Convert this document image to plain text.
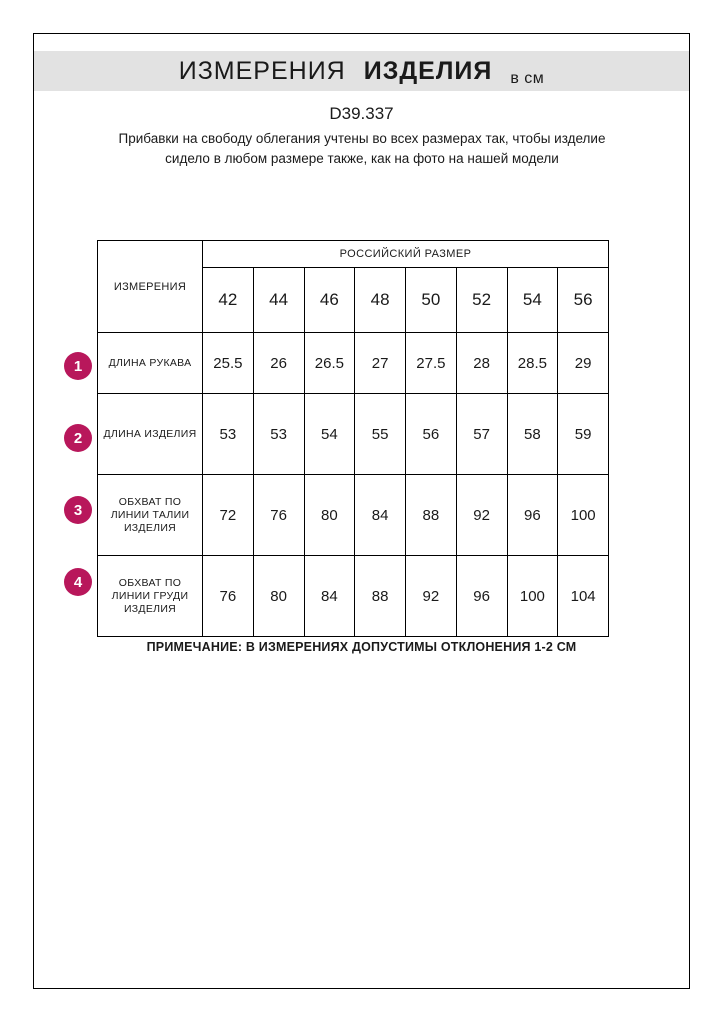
ИЗМЕРЕНИЯ ИЗДЕЛИЯ в см
D39.337
Прибавки на свободу облегания учтены во всех размерах так, чтобы изделие сидело в любом размере также, как на фото на нашей модели
ИЗМЕРЕНИЯ	РОССИЙСКИЙ РАЗМЕР							
	42	44	46	48	50	52	54	56
ДЛИНА РУКАВА	25.5	26	26.5	27	27.5	28	28.5	29
ДЛИНА ИЗДЕЛИЯ	53	53	54	55	56	57	58	59
ОБХВАТ ПО ЛИНИИ ТАЛИИ ИЗДЕЛИЯ	72	76	80	84	88	92	96	100
ОБХВАТ ПО ЛИНИИ ГРУДИ ИЗДЕЛИЯ	76	80	84	88	92	96	100	104
1
2
3
4
ПРИМЕЧАНИЕ: В ИЗМЕРЕНИЯХ ДОПУСТИМЫ ОТКЛОНЕНИЯ 1-2 СМ
